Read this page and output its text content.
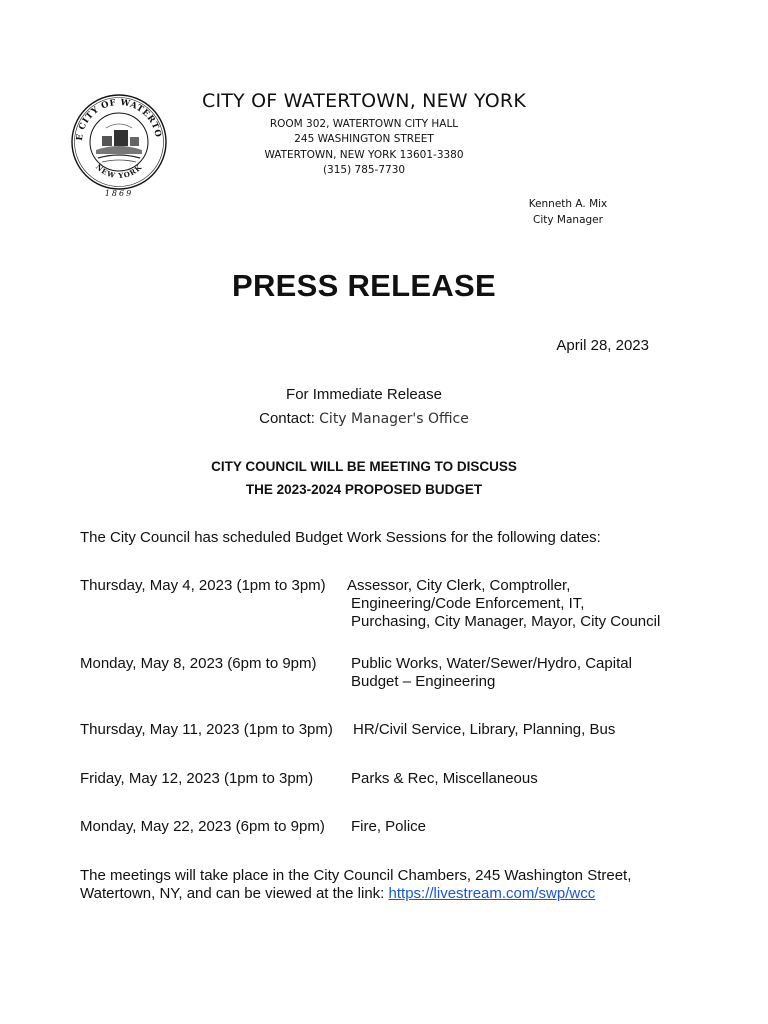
E CITY OF WATERTO
NEW YORK
1869
CITY OF WATERTOWN, NEW YORK
ROOM 302, WATERTOWN CITY HALL
245 WASHINGTON STREET
WATERTOWN, NEW YORK 13601-3380
(315) 785-7730
Kenneth A. Mix
City Manager
PRESS RELEASE
April 28, 2023
For Immediate Release
Contact: City Manager's Office
CITY COUNCIL WILL BE MEETING TO DISCUSS
THE 2023-2024 PROPOSED BUDGET
The City Council has scheduled Budget Work Sessions for the following dates:
Thursday, May 4, 2023 (1pm to 3pm) Assessor, City Clerk, Comptroller,
Engineering/Code Enforcement, IT,
Purchasing, City Manager, Mayor, City Council
Monday, May 8, 2023 (6pm to 9pm) Public Works, Water/Sewer/Hydro, Capital
Budget – Engineering
Thursday, May 11, 2023 (1pm to 3pm) HR/Civil Service, Library, Planning, Bus
Friday, May 12, 2023 (1pm to 3pm)	Parks & Rec, Miscellaneous
Monday, May 22, 2023 (6pm to 9pm) Fire, Police
The meetings will take place in the City Council Chambers, 245 Washington Street,
Watertown, NY, and can be viewed at the link: https://livestream.com/swp/wcc
